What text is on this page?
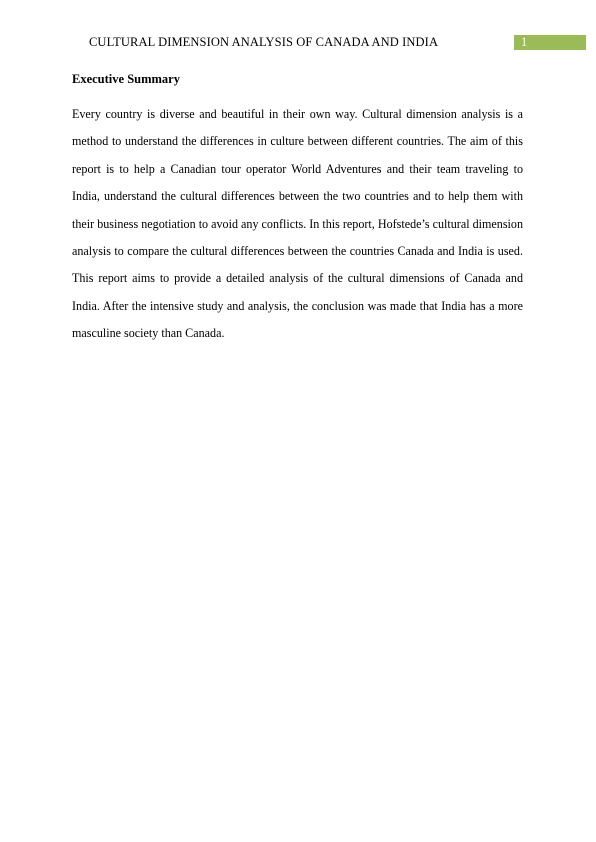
CULTURAL DIMENSION ANALYSIS OF CANADA AND INDIA	1
Executive Summary
Every country is diverse and beautiful in their own way. Cultural dimension analysis is a method to understand the differences in culture between different countries. The aim of this report is to help a Canadian tour operator World Adventures and their team traveling to India, understand the cultural differences between the two countries and to help them with their business negotiation to avoid any conflicts. In this report, Hofstede’s cultural dimension analysis to compare the cultural differences between the countries Canada and India is used. This report aims to provide a detailed analysis of the cultural dimensions of Canada and India. After the intensive study and analysis, the conclusion was made that India has a more masculine society than Canada.
